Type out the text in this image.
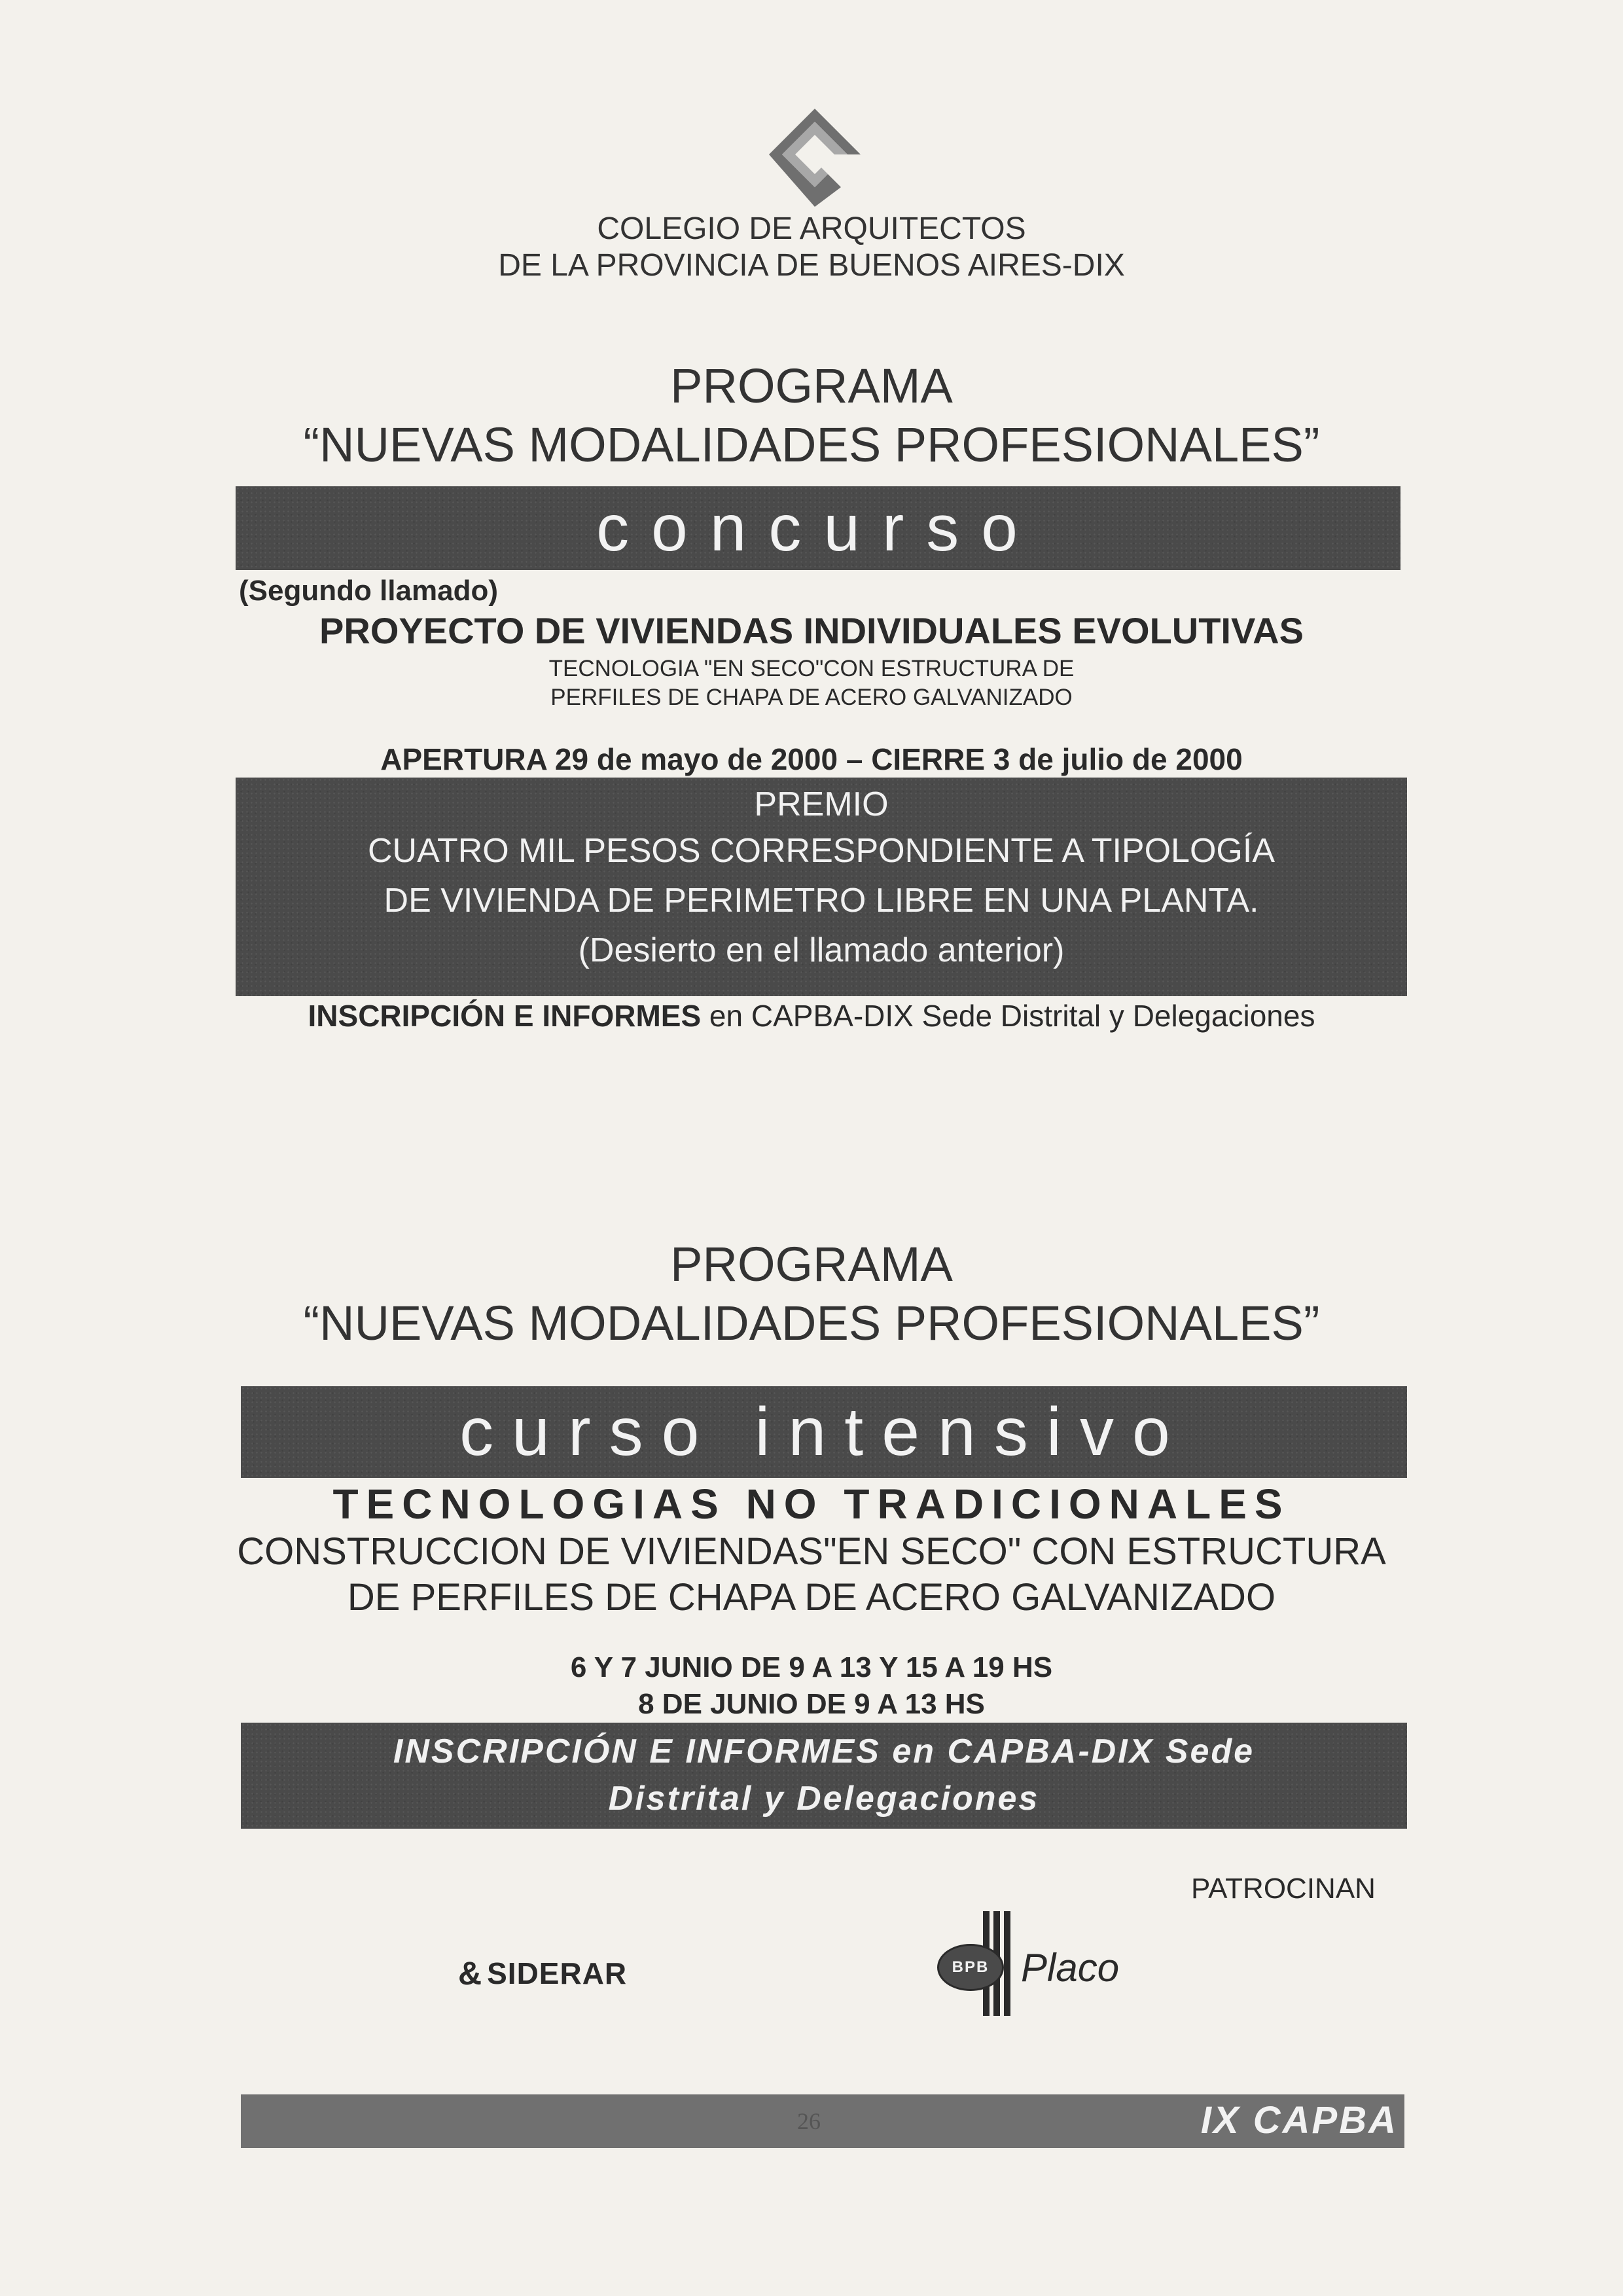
COLEGIO DE ARQUITECTOS
DE LA PROVINCIA DE BUENOS AIRES-DIX
PROGRAMA
“NUEVAS MODALIDADES PROFESIONALES”
concurso
(Segundo llamado)
PROYECTO DE VIVIENDAS INDIVIDUALES EVOLUTIVAS
TECNOLOGIA "EN SECO"CON ESTRUCTURA DE
PERFILES DE CHAPA DE ACERO GALVANIZADO
APERTURA 29 de mayo de 2000 – CIERRE 3 de julio de 2000
PREMIO
CUATRO MIL PESOS CORRESPONDIENTE A TIPOLOGÍA
DE VIVIENDA DE PERIMETRO LIBRE EN UNA PLANTA.
(Desierto en el llamado anterior)
INSCRIPCIÓN E INFORMES en CAPBA-DIX Sede Distrital y Delegaciones
PROGRAMA
“NUEVAS MODALIDADES PROFESIONALES”
curso intensivo
TECNOLOGIAS NO TRADICIONALES
CONSTRUCCION DE VIVIENDAS"EN SECO" CON ESTRUCTURA
DE PERFILES DE CHAPA DE ACERO GALVANIZADO
6 Y 7 JUNIO DE 9 A 13 Y 15 A 19 HS
8 DE JUNIO DE 9 A 13 HS
INSCRIPCIÓN E INFORMES en CAPBA-DIX Sede
Distrital y Delegaciones
PATROCINAN
& SIDERAR	BPB Placo
26	IX CAPBA
